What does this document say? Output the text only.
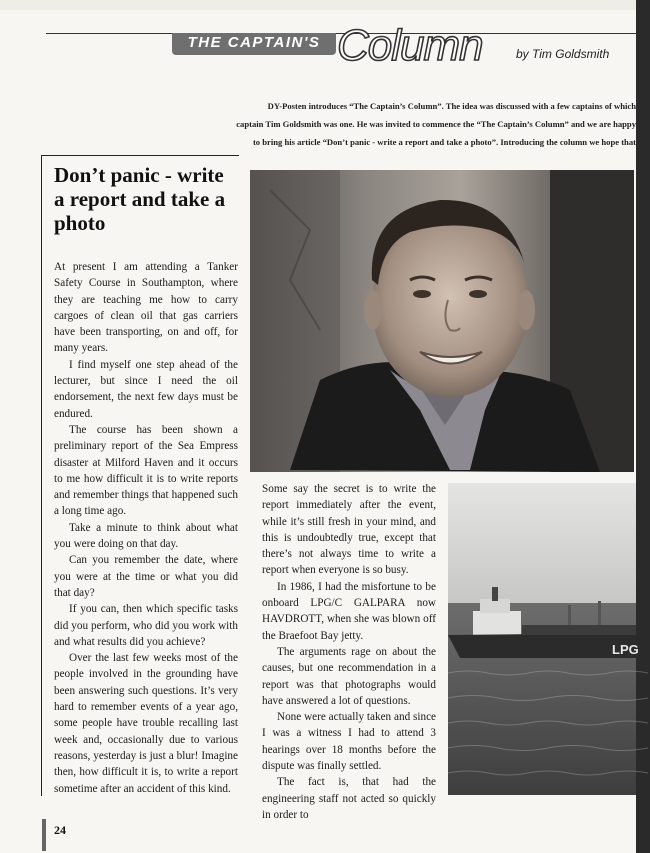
THE CAPTAIN'S Column	by Tim Goldsmith
DY-Posten introduces “The Captain’s Column”. The idea was discussed with a few captains of which
captain Tim Goldsmith was one. He was invited to commence the “The Captain’s Column” and we are happy
to bring his article “Don’t panic - write a report and take a photo”. Introducing the column we hope that
Don’t panic - write a report and take a photo

At present I am attending a Tanker Safety Course in Southampton, where they are teaching me how to carry cargoes of clean oil that gas carriers have been transporting, on and off, for many years.

I find myself one step ahead of the lecturer, but since I need the oil endorsement, the next few days must be endured.

The course has been shown a preliminary report of the Sea Empress disaster at Milford Haven and it occurs to me how difficult it is to write reports and remember things that happened such a long time ago.

Take a minute to think about what you were doing on that day.

Can you remember the date, where you were at the time or what you did that day?

If you can, then which specific tasks did you perform, who did you work with and what results did you achieve?

Over the last few weeks most of the people involved in the grounding have been answering such questions. It’s very hard to remember events of a year ago, some people have trouble recalling last week and, occasionally due to various reasons, yesterday is just a blur! Imagine then, how difficult it is, to write a report sometime after an accident of this kind.

Some say the secret is to write the report immediately after the event, while it’s still fresh in your mind, and this is undoubtedly true, except that there’s not always time to write a report when everyone is so busy.

In 1986, I had the misfortune to be onboard LPG/C GALPARA now HAVDROTT, when she was blown off the Braefoot Bay jetty.

The arguments rage on about the causes, but one recommendation in a report was that photographs would have answered a lot of questions.

None were actually taken and since I was a witness I had to attend 3 hearings over 18 months before the dispute was finally settled.

The fact is, that had the engineering staff not acted so quickly in order to

LPG
24
